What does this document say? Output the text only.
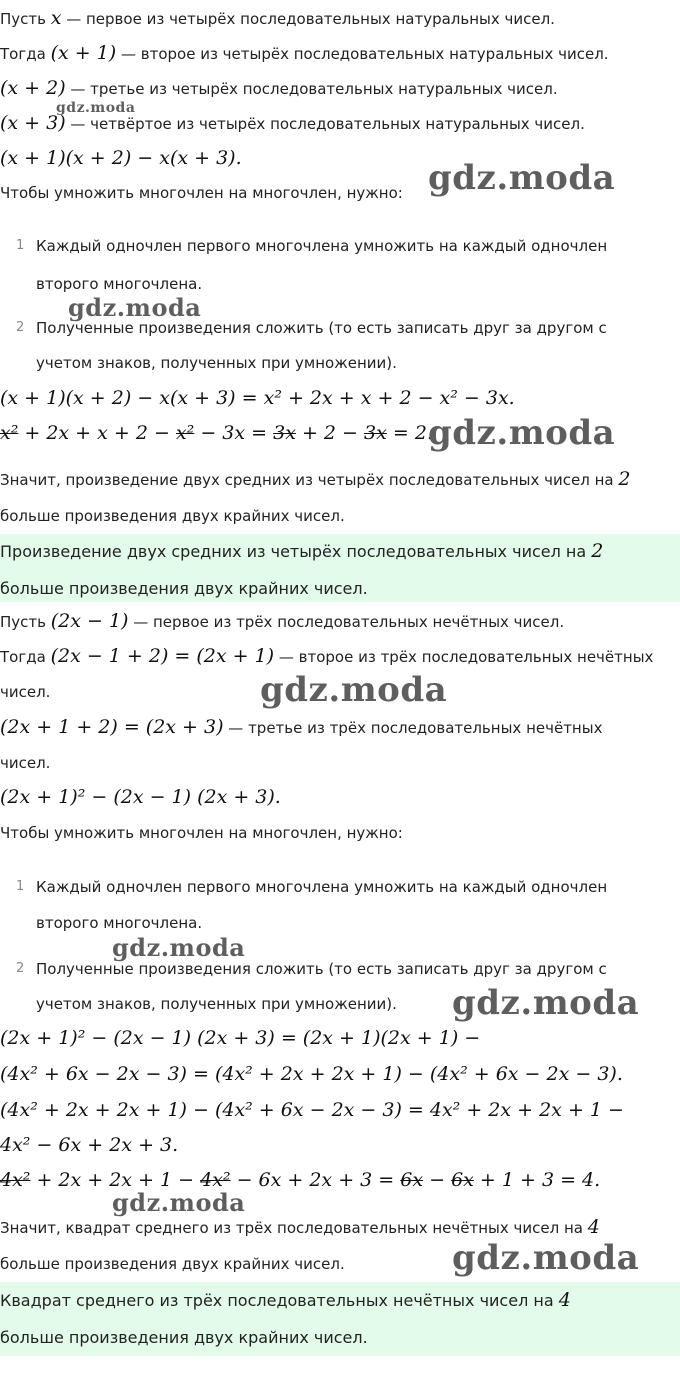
Пусть x — первое из четырёх последовательных натуральных чисел.
Тогда (x + 1) — второе из четырёх последовательных натуральных чисел.
(x + 2) — третье из четырёх последовательных натуральных чисел.
(x + 3) — четвёртое из четырёх последовательных натуральных чисел.
(x + 1)(x + 2) − x(x + 3).
Чтобы умножить многочлен на многочлен, нужно:
1 Каждый одночлен первого многочлена умножить на каждый одночлен
второго многочлена.
2 Полученные произведения сложить (то есть записать друг за другом с
учетом знаков, полученных при умножении).
(x + 1)(x + 2) − x(x + 3) = x² + 2x + x + 2 − x² − 3x.
x² + 2x + x + 2 − x² − 3x = 3x + 2 − 3x = 2.
Значит, произведение двух средних из четырёх последовательных чисел на 2
больше произведения двух крайних чисел.
Произведение двух средних из четырёх последовательных чисел на 2
больше произведения двух крайних чисел.
Пусть (2x − 1) — первое из трёх последовательных нечётных чисел.
Тогда (2x − 1 + 2) = (2x + 1) — второе из трёх последовательных нечётных
чисел.
(2x + 1 + 2) = (2x + 3) — третье из трёх последовательных нечётных
чисел.
(2x + 1)² − (2x − 1) (2x + 3).
Чтобы умножить многочлен на многочлен, нужно:
1 Каждый одночлен первого многочлена умножить на каждый одночлен
второго многочлена.
2 Полученные произведения сложить (то есть записать друг за другом с
учетом знаков, полученных при умножении).
(2x + 1)² − (2x − 1) (2x + 3) = (2x + 1)(2x + 1) −
(4x² + 6x − 2x − 3) = (4x² + 2x + 2x + 1) − (4x² + 6x − 2x − 3).
(4x² + 2x + 2x + 1) − (4x² + 6x − 2x − 3) = 4x² + 2x + 2x + 1 −
4x² − 6x + 2x + 3.
4x² + 2x + 2x + 1 − 4x² − 6x + 2x + 3 = 6x − 6x + 1 + 3 = 4.
Значит, квадрат среднего из трёх последовательных нечётных чисел на 4
больше произведения двух крайних чисел.
Квадрат среднего из трёх последовательных нечётных чисел на 4
больше произведения двух крайних чисел.
gdz.moda
gdz.moda
gdz.moda
gdz.moda
gdz.moda
gdz.moda
gdz.moda
gdz.moda
gdz.moda
